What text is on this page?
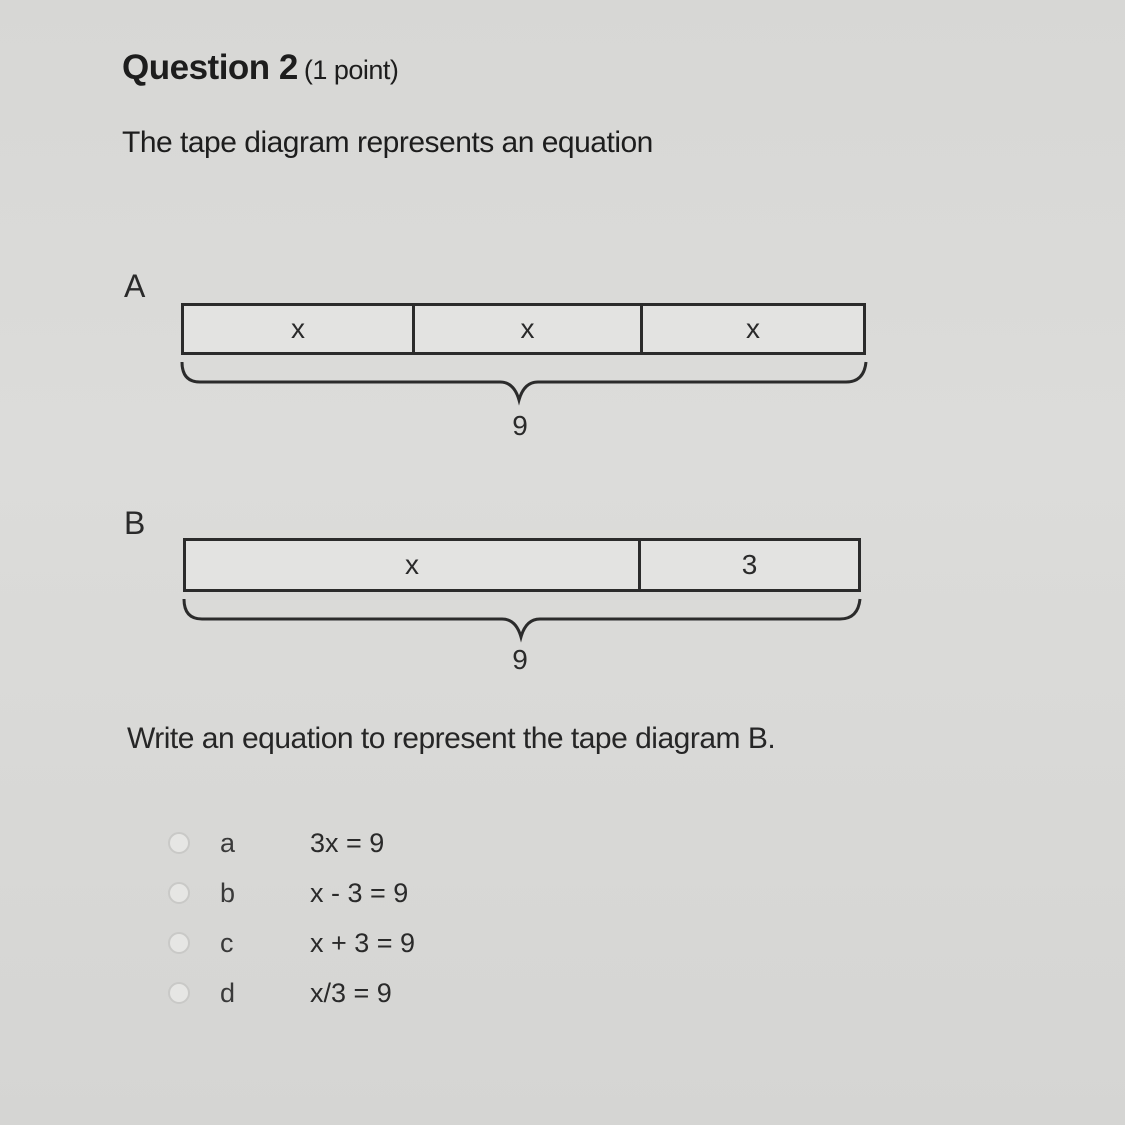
Question 2 (1 point)
The tape diagram represents an equation
A
x	x	x
9
B
x	3
9
Write an equation to represent the tape diagram B.
a	3x = 9
b	x - 3 = 9
c	x + 3 = 9
d	x/3 = 9
